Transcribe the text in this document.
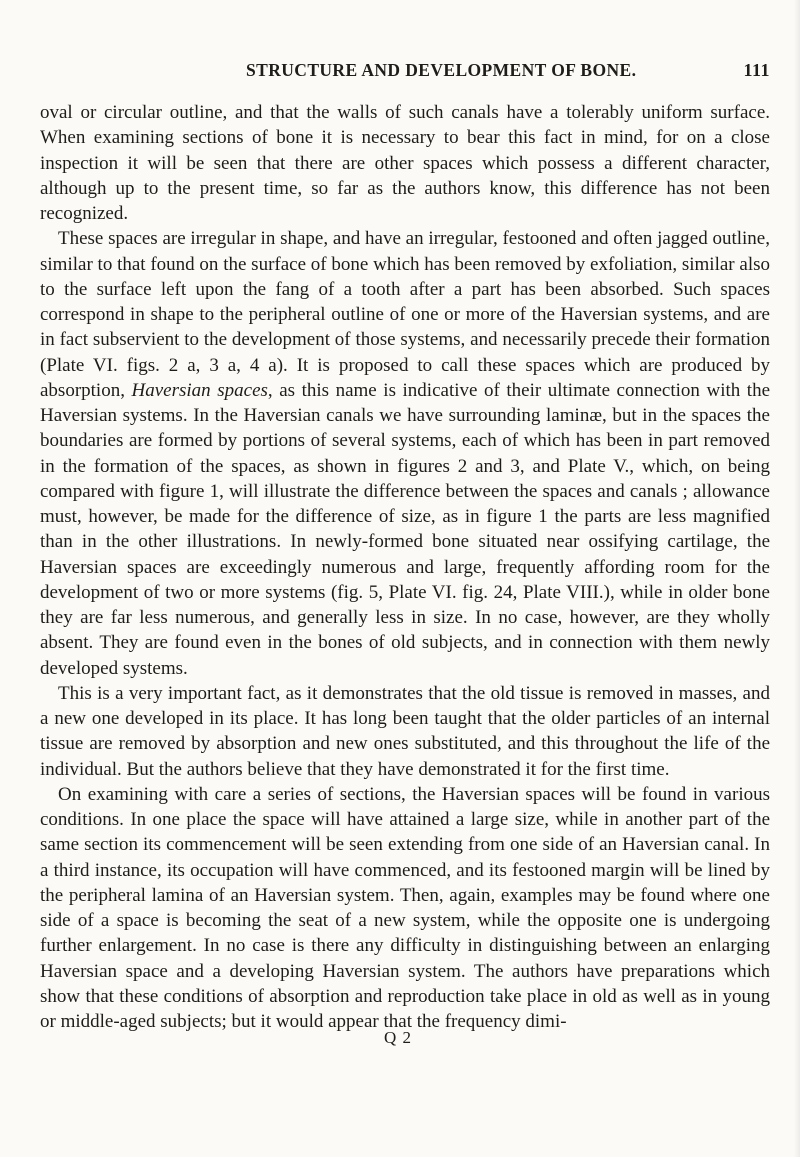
STRUCTURE AND DEVELOPMENT OF BONE.	111

oval or circular outline, and that the walls of such canals have a tolerably uniform surface. When examining sections of bone it is necessary to bear this fact in mind, for on a close inspection it will be seen that there are other spaces which possess a different character, although up to the present time, so far as the authors know, this difference has not been recognized.

These spaces are irregular in shape, and have an irregular, festooned and often jagged outline, similar to that found on the surface of bone which has been removed by exfoliation, similar also to the surface left upon the fang of a tooth after a part has been absorbed. Such spaces correspond in shape to the peripheral outline of one or more of the Haversian systems, and are in fact subservient to the development of those systems, and necessarily precede their formation (Plate VI. figs. 2 a, 3 a, 4 a). It is proposed to call these spaces which are produced by absorption, Haversian spaces, as this name is indicative of their ultimate connection with the Haversian systems. In the Haversian canals we have surrounding laminæ, but in the spaces the boundaries are formed by portions of several systems, each of which has been in part removed in the formation of the spaces, as shown in figures 2 and 3, and Plate V., which, on being compared with figure 1, will illustrate the difference between the spaces and canals ; allowance must, however, be made for the difference of size, as in figure 1 the parts are less magnified than in the other illustrations. In newly-formed bone situated near ossifying cartilage, the Haversian spaces are exceedingly numerous and large, frequently affording room for the development of two or more systems (fig. 5, Plate VI. fig. 24, Plate VIII.), while in older bone they are far less numerous, and generally less in size. In no case, however, are they wholly absent. They are found even in the bones of old subjects, and in connection with them newly developed systems.

This is a very important fact, as it demonstrates that the old tissue is removed in masses, and a new one developed in its place. It has long been taught that the older particles of an internal tissue are removed by absorption and new ones substituted, and this throughout the life of the individual. But the authors believe that they have demonstrated it for the first time.

On examining with care a series of sections, the Haversian spaces will be found in various conditions. In one place the space will have attained a large size, while in another part of the same section its commencement will be seen extending from one side of an Haversian canal. In a third instance, its occupation will have commenced, and its festooned margin will be lined by the peripheral lamina of an Haversian system. Then, again, examples may be found where one side of a space is becoming the seat of a new system, while the opposite one is undergoing further enlargement. In no case is there any difficulty in distinguishing between an enlarging Haversian space and a developing Haversian system. The authors have preparations which show that these conditions of absorption and reproduction take place in old as well as in young or middle-aged subjects; but it would appear that the frequency dimi-

Q 2
